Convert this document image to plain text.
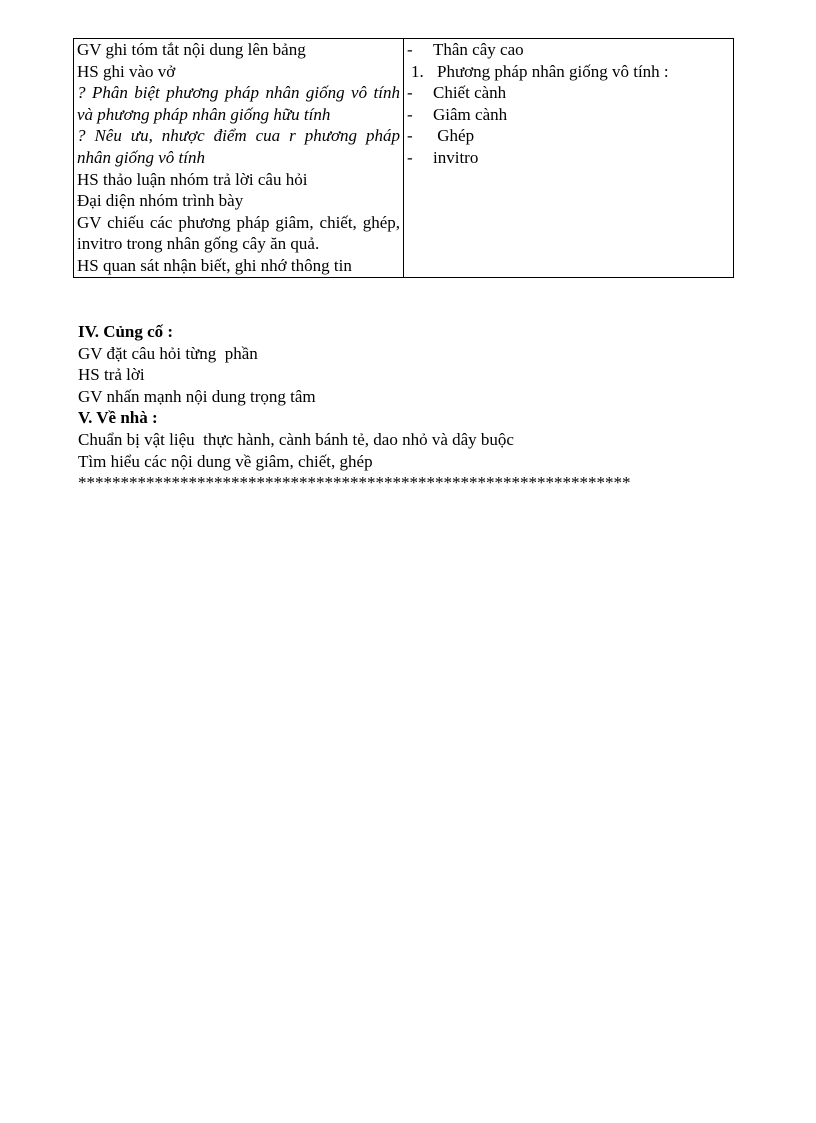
GV ghi tóm tắt nội dung lên bảng
HS ghi vào vở
? Phân biệt phương pháp nhân giống vô tính và phương pháp nhân giống hữu tính
? Nêu ưu, nhược điểm cua r phương pháp nhân giống vô tính
HS thảo luận nhóm trả lời câu hỏi
Đại diện nhóm trình bày
GV chiếu các phương pháp giâm, chiết, ghép, invitro trong nhân gống cây ăn quả.
HS quan sát nhận biết, ghi nhớ thông tin

-	Thân cây cao
1. Phương pháp nhân giống vô tính :
-	Chiết cành
-	Giâm cành
-	Ghép
-	invitro
IV. Củng cố :
GV đặt câu hỏi từng  phần
HS trả lời
GV nhấn mạnh nội dung trọng tâm
V. Về nhà :
Chuẩn bị vật liệu  thực hành, cành bánh tẻ, dao nhỏ và dây buộc
Tìm hiểu các nội dung về giâm, chiết, ghép
*****************************************************************
